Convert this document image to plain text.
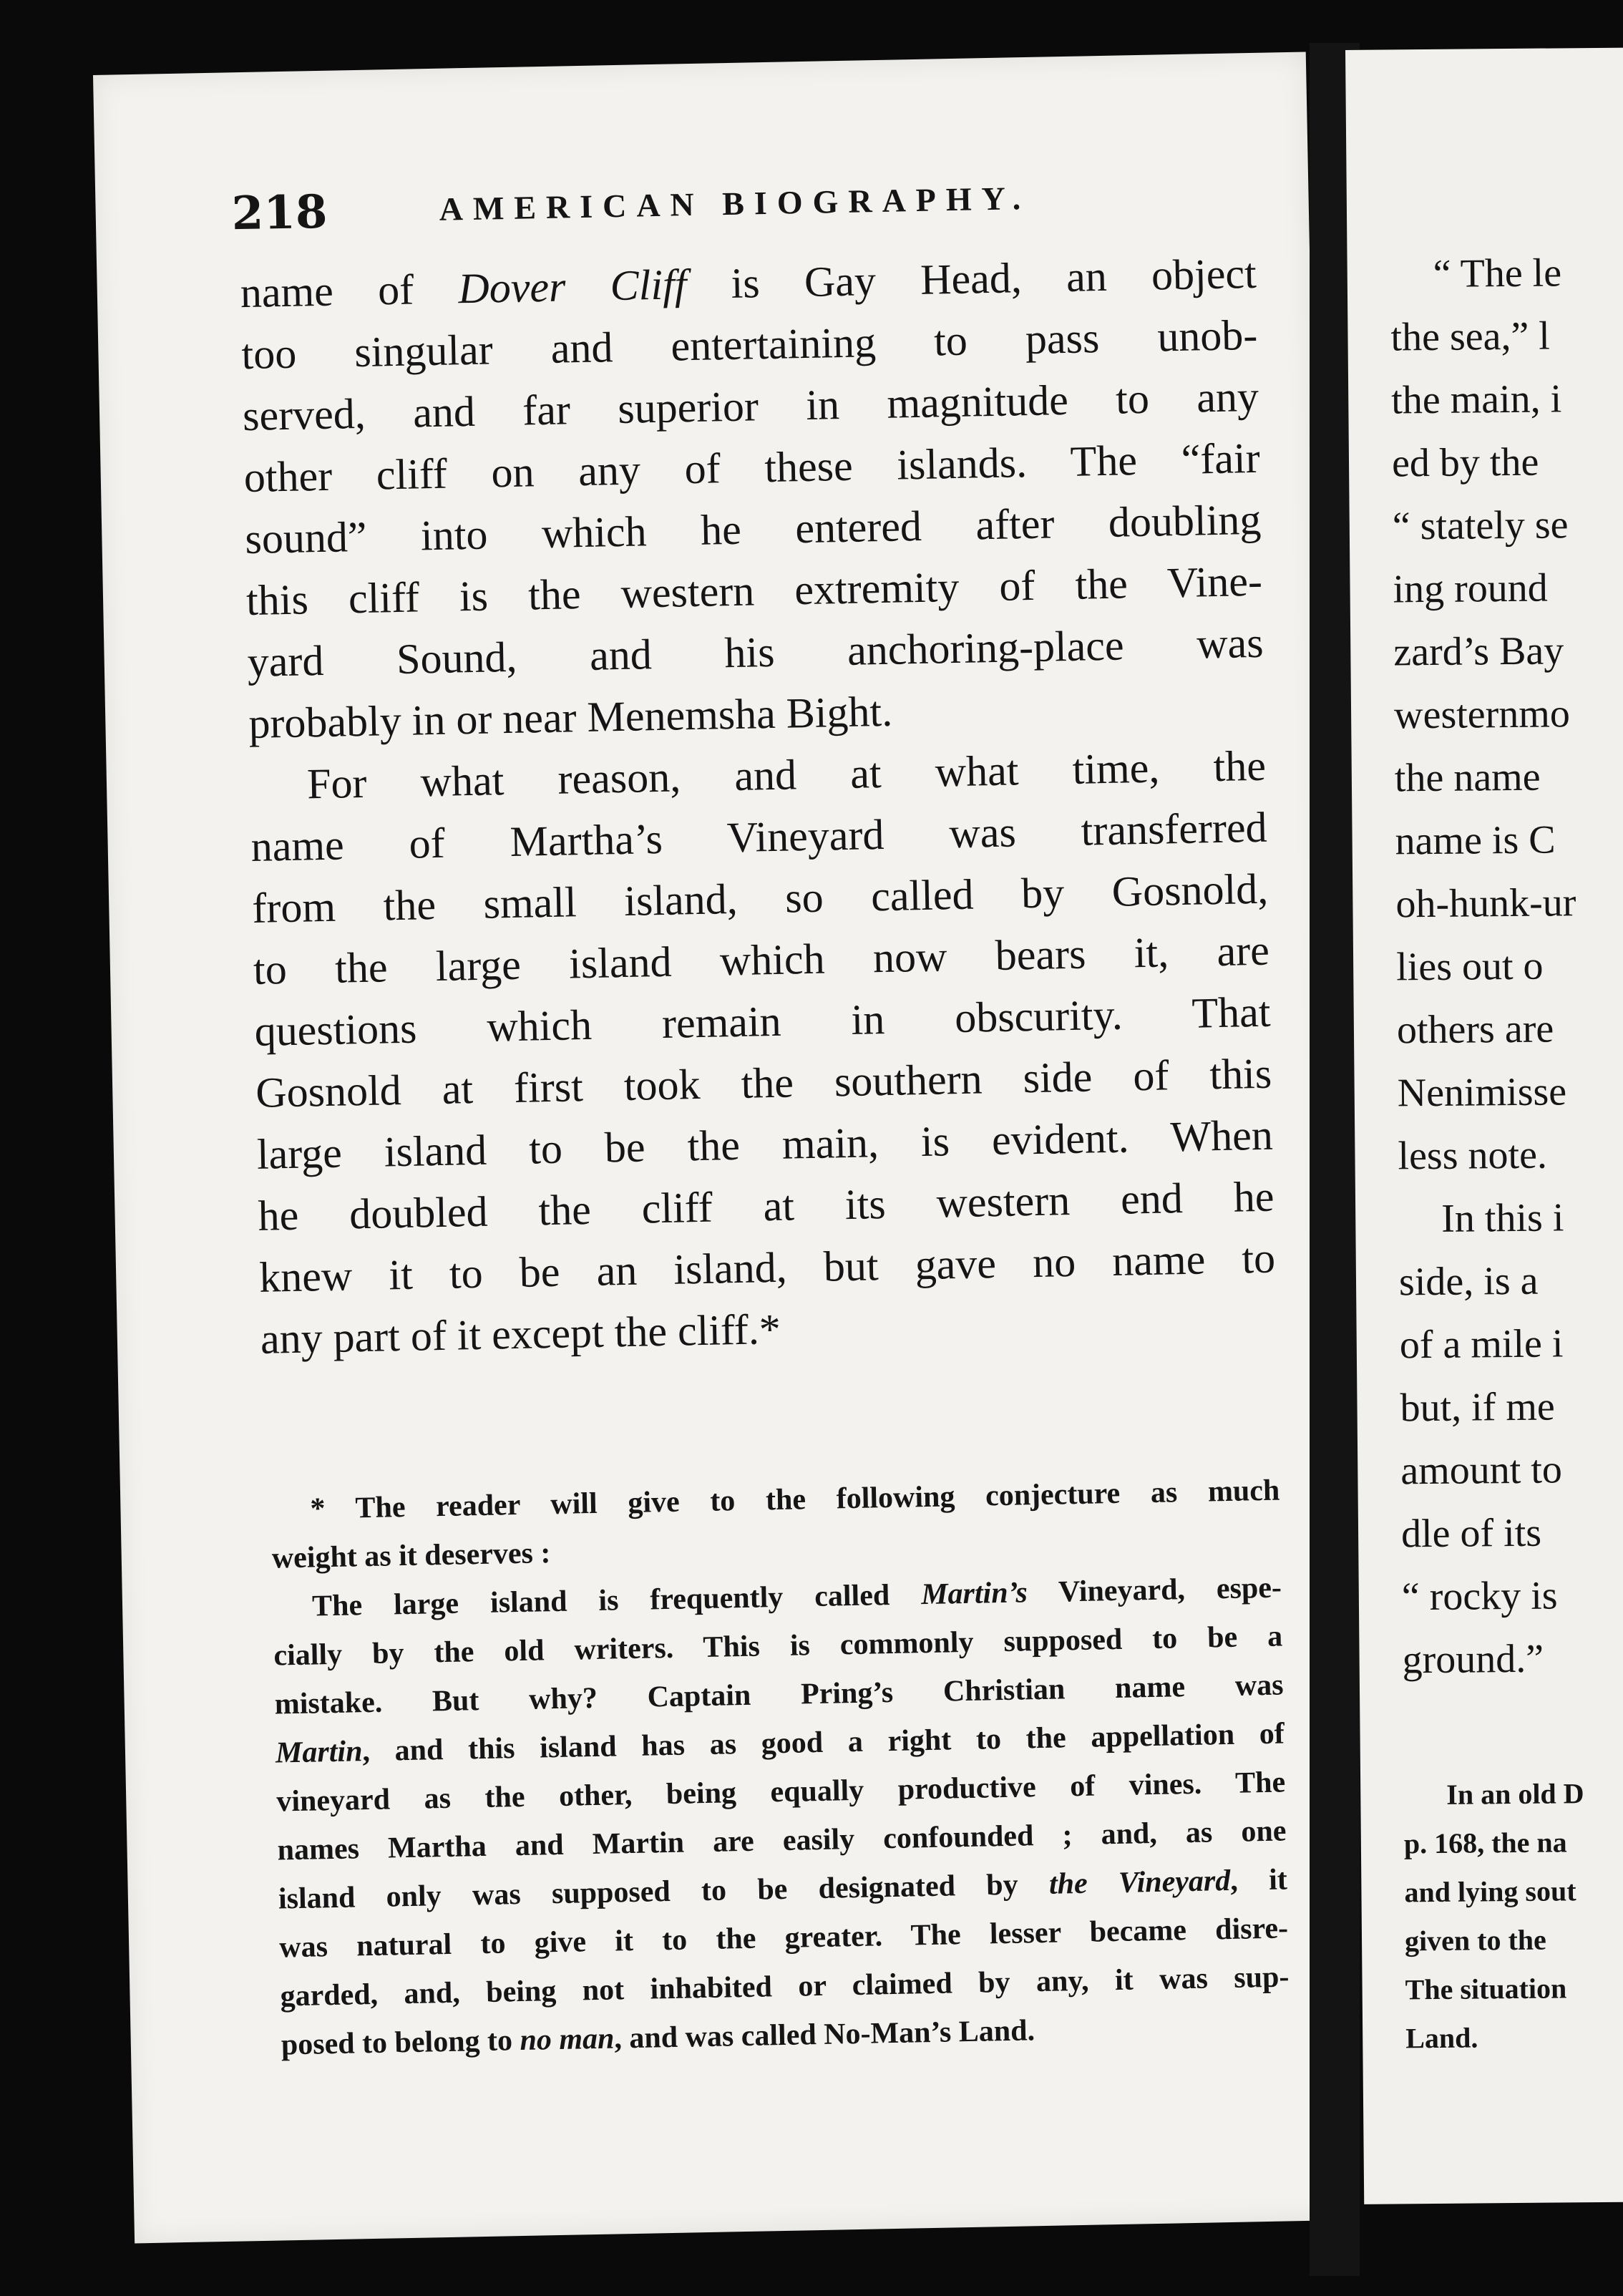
218	AMERICAN BIOGRAPHY.
name of Dover Cliff is Gay Head, an object
too singular and entertaining to pass unob-
served, and far superior in magnitude to any
other cliff on any of these islands. The “fair
sound” into which he entered after doubling
this cliff is the western extremity of the Vine-
yard Sound, and his anchoring-place was
probably in or near Menemsha Bight.
For what reason, and at what time, the
name of Martha’s Vineyard was transferred
from the small island, so called by Gosnold,
to the large island which now bears it, are
questions which remain in obscurity. That
Gosnold at first took the southern side of this
large island to be the main, is evident. When
he doubled the cliff at its western end he
knew it to be an island, but gave no name to
any part of it except the cliff.*
* The reader will give to the following conjecture as much
weight as it deserves :
The large island is frequently called Martin’s Vineyard, espe-
cially by the old writers. This is commonly supposed to be a
mistake. But why? Captain Pring’s Christian name was
Martin, and this island has as good a right to the appellation of
vineyard as the other, being equally productive of vines. The
names Martha and Martin are easily confounded ; and, as one
island only was supposed to be designated by the Vineyard, it
was natural to give it to the greater. The lesser became disre-
garded, and, being not inhabited or claimed by any, it was sup-
posed to belong to no man, and was called No-Man’s Land.
“ The le
the sea,” l
the main, i
ed by the
“ stately se
ing round
zard’s Bay
westernmo
the name
name is C
oh-hunk-ur
lies out o
others are
Nenimisse
less note.
In this i
side, is a
of a mile i
but, if me
amount to
dle of its
“ rocky is
ground.”
In an old D
p. 168, the na
and lying sout
given to the
The situation
Land.
